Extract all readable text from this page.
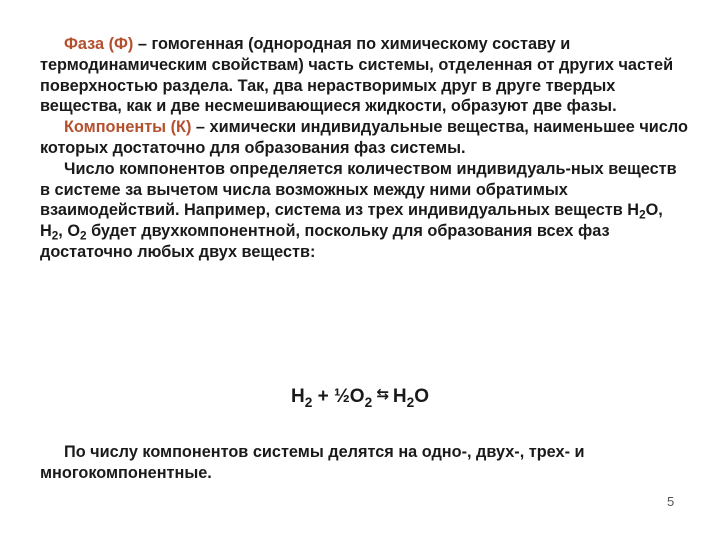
Фаза (Ф) – гомогенная (однородная по химическому составу и термодинамическим свойствам) часть системы, отделенная от других частей поверхностью раздела. Так, два нерастворимых друг в друге твердых вещества, как и две несмешивающиеся жидкости, образуют две фазы.

Компоненты (К) – химически индивидуальные вещества, наименьшее число которых достаточно для образования фаз системы.

Число компонентов определяется количеством индивидуаль-ных веществ в системе за вычетом числа возможных между ними обратимых взаимодействий. Например, система из трех индивидуальных веществ $H_2O$, $H_2$, $O_2$ будет двухкомпонентной, поскольку для образования всех фаз достаточно любых двух веществ:

$H_2$ + $\frac{1}{2}O_2$ ⇆ $H_2O$

По числу компонентов системы делятся на одно-, двух-, трех- и многокомпонентные.

5
